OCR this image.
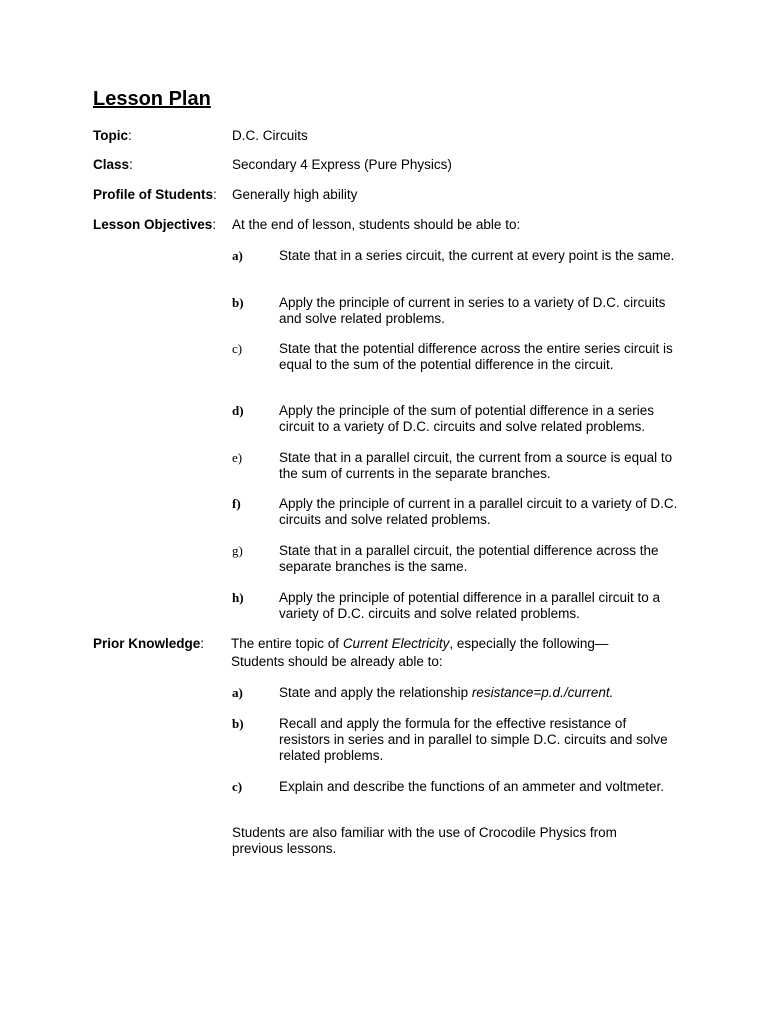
Lesson Plan
Topic:	D.C. Circuits
Class:	Secondary 4 Express (Pure Physics)
Profile of Students: Generally high ability
Lesson Objectives: At the end of lesson, students should be able to:
a)	State that in a series circuit, the current at every point is the same.
b)	Apply the principle of current in series to a variety of D.C. circuits and solve related problems.
c)	State that the potential difference across the entire series circuit is equal to the sum of the potential difference in the circuit.
d)	Apply the principle of the sum of potential difference in a series circuit to a variety of D.C. circuits and solve related problems.
e)	State that in a parallel circuit, the current from a source is equal to the sum of currents in the separate branches.
f)	Apply the principle of current in a parallel circuit to a variety of D.C. circuits and solve related problems.
g)	State that in a parallel circuit, the potential difference across the separate branches is the same.
h)	Apply the principle of potential difference in a parallel circuit to a variety of D.C. circuits and solve related problems.
Prior Knowledge: The entire topic of Current Electricity, especially the following—
Students should be already able to:
a)	State and apply the relationship resistance=p.d./current.
b)	Recall and apply the formula for the effective resistance of resistors in series and in parallel to simple D.C. circuits and solve related problems.
c)	Explain and describe the functions of an ammeter and voltmeter.
Students are also familiar with the use of Crocodile Physics from previous lessons.
